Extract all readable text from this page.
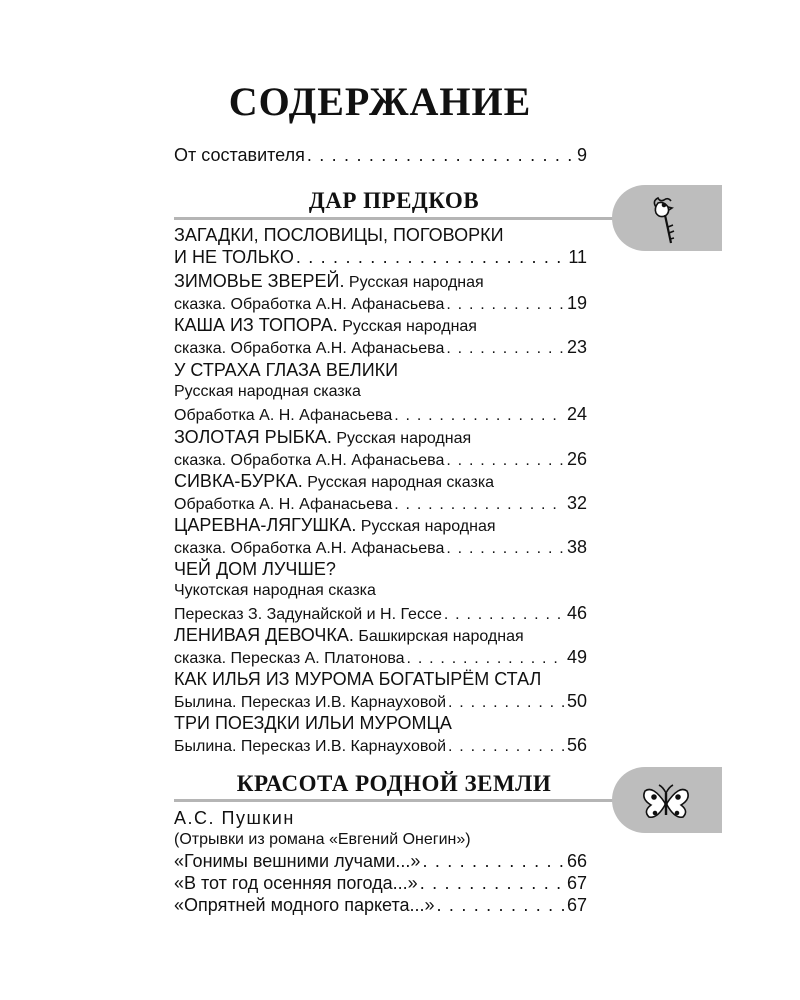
СОДЕРЖАНИЕ
От составителя . . .	9
ДАР ПРЕДКОВ
ЗАГАДКИ, ПОСЛОВИЦЫ, ПОГОВОРКИ
И НЕ ТОЛЬКО . . .	11
ЗИМОВЬЕ ЗВЕРЕЙ. Русская народная
сказка. Обработка А.Н. Афанасьева . . .	19
КАША ИЗ ТОПОРА. Русская народная
сказка. Обработка А.Н. Афанасьева . . .	23
У СТРАХА ГЛАЗА ВЕЛИКИ
Русская народная сказка
Обработка А. Н. Афанасьева . . .	24
ЗОЛОТАЯ РЫБКА. Русская народная
сказка. Обработка А.Н. Афанасьева . . .	26
СИВКА-БУРКА. Русская народная сказка
Обработка А. Н. Афанасьева . . .	32
ЦАРЕВНА-ЛЯГУШКА. Русская народная
сказка. Обработка А.Н. Афанасьева . . .	38
ЧЕЙ ДОМ ЛУЧШЕ?
Чукотская народная сказка
Пересказ З. Задунайской и Н. Гессе . . .	46
ЛЕНИВАЯ ДЕВОЧКА. Башкирская народная
сказка. Пересказ А. Платонова . . .	49
КАК ИЛЬЯ ИЗ МУРОМА БОГАТЫРЁМ СТАЛ
Былина. Пересказ И.В. Карнауховой . . .	50
ТРИ ПОЕЗДКИ ИЛЬИ МУРОМЦА
Былина. Пересказ И.В. Карнауховой . . .	56
КРАСОТА РОДНОЙ ЗЕМЛИ
А.С. Пушкин
(Отрывки из романа «Евгений Онегин»)
«Гонимы вешними лучами...» . . .	66
«В тот год осенняя погода...» . . .	67
«Опрятней модного паркета...» . . .	67
